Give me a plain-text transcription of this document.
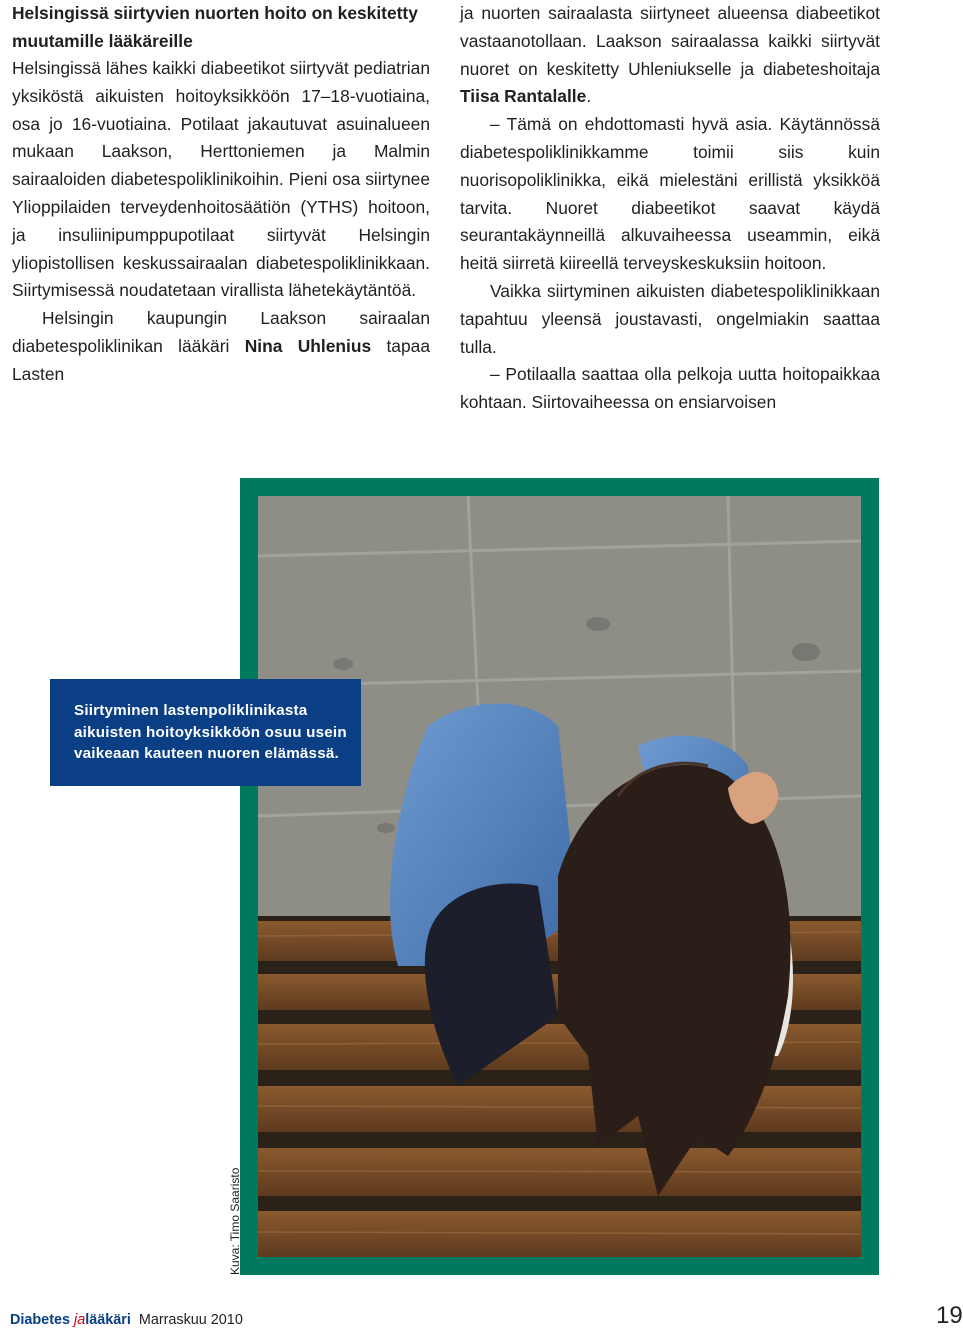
Helsingissä siirtyvien nuorten hoito on keskitetty muutamille lääkäreille

Helsingissä lähes kaikki diabeetikot siirtyvät pediatrian yksiköstä aikuisten hoitoyksikköön 17–18-vuotiaina, osa jo 16-vuotiaina. Potilaat jakautuvat asuinalueen mukaan Laakson, Herttoniemen ja Malmin sairaaloiden diabetespoliklinikoihin. Pieni osa siirtynee Ylioppilaiden terveydenhoitosäätiön (YTHS) hoitoon, ja insuliinipumppupotilaat siirtyvät Helsingin yliopistollisen keskussairaalan diabetespoliklinikkaan. Siirtymisessä noudatetaan virallista lähetekäytäntöä.

Helsingin kaupungin Laakson sairaalan diabetespoliklinikan lääkäri Nina Uhlenius tapaa Lasten

ja nuorten sairaalasta siirtyneet alueensa diabeetikot vastaanotollaan. Laakson sairaalassa kaikki siirtyvät nuoret on keskitetty Uhleniukselle ja diabeteshoitaja Tiisa Rantalalle.

– Tämä on ehdottomasti hyvä asia. Käytännössä diabetespoliklinikkamme toimii siis kuin nuorisopoliklinikka, eikä mielestäni erillistä yksikköä tarvita. Nuoret diabeetikot saavat käydä seurantakäynneillä alkuvaiheessa useammin, eikä heitä siirretä kiireellä terveyskeskuksiin hoitoon.

Vaikka siirtyminen aikuisten diabetespoliklinikkaan tapahtuu yleensä joustavasti, ongelmiakin saattaa tulla.

– Potilaalla saattaa olla pelkoja uutta hoitopaikkaa kohtaan. Siirtovaiheessa on ensiarvoisen

Siirtyminen lastenpoliklinikasta
aikuisten hoitoyksikköön osuu usein
vaikeaan kauteen nuoren elämässä.
Kuva: Timo Saaristo
Diabetes jalääkäri Marraskuu 2010	19
